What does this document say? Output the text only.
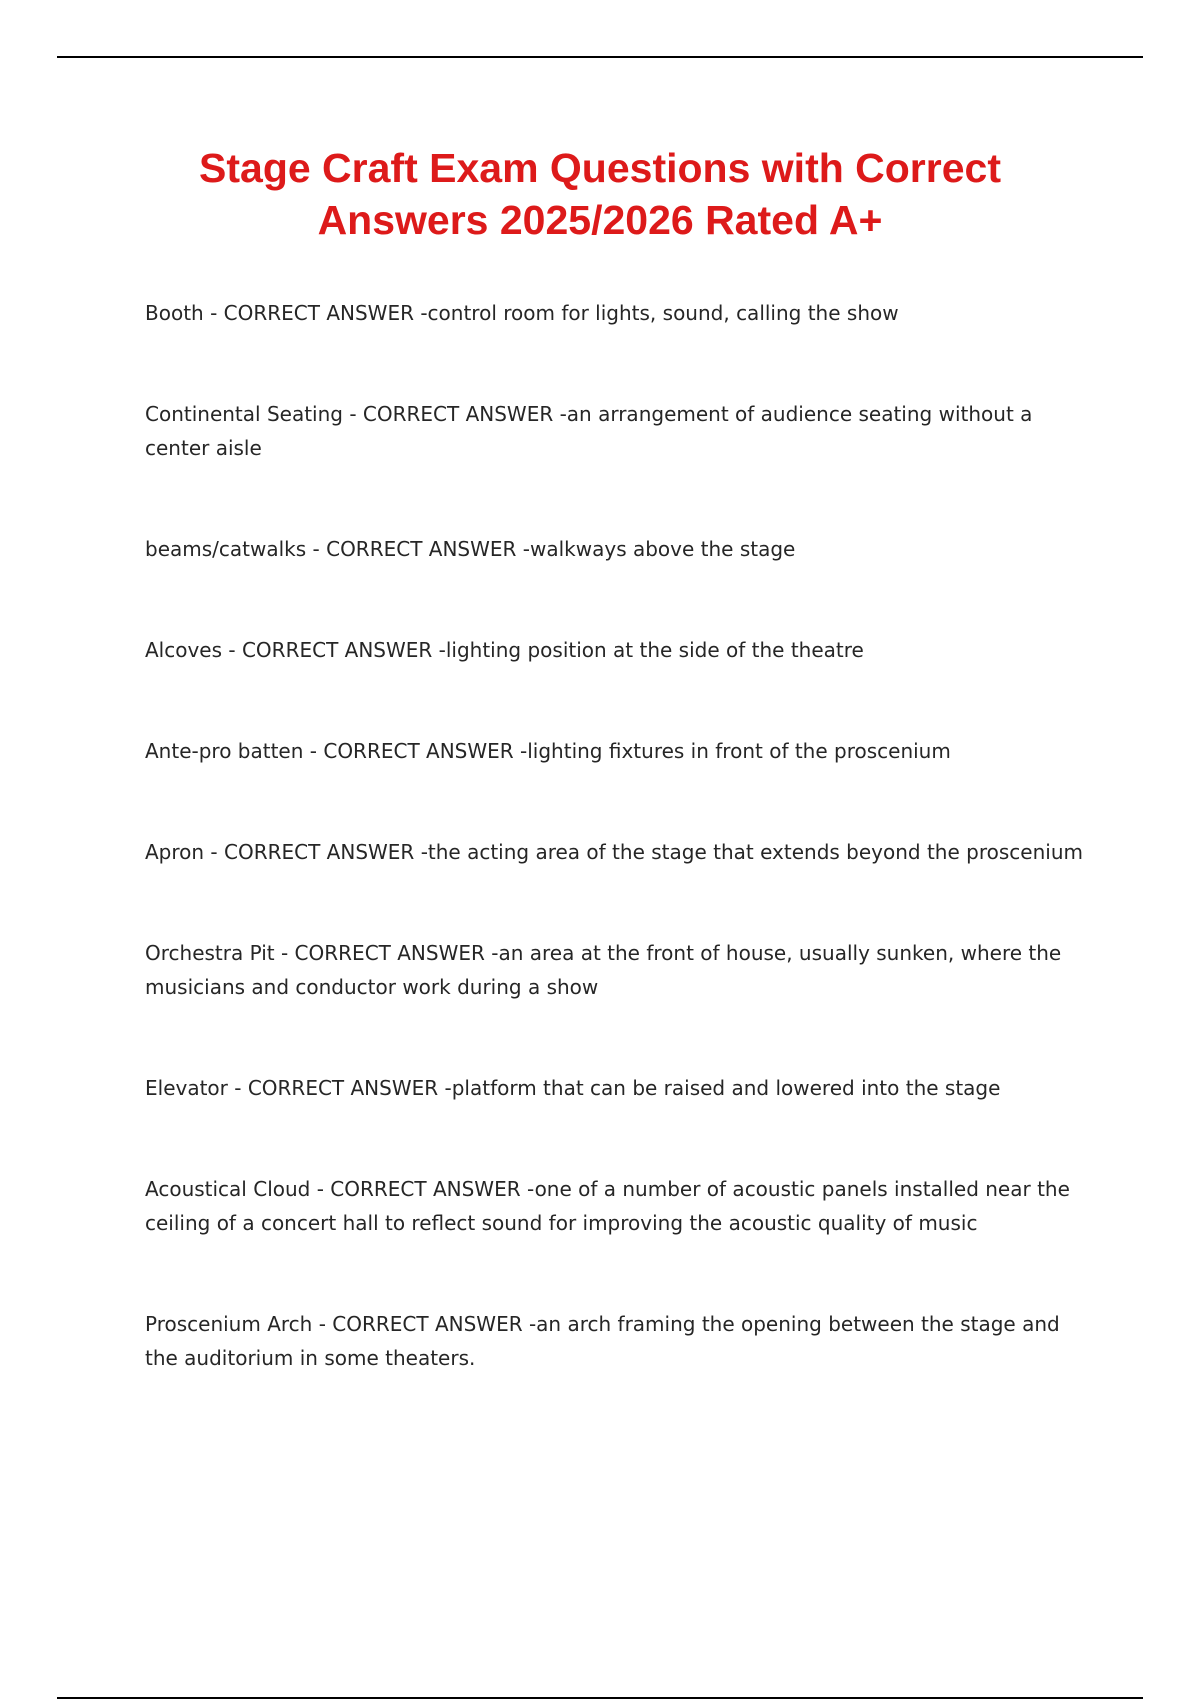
Stage Craft Exam Questions with Correct Answers 2025/2026 Rated A+
Booth - CORRECT ANSWER -control room for lights, sound, calling the show
Continental Seating - CORRECT ANSWER -an arrangement of audience seating without a center aisle
beams/catwalks - CORRECT ANSWER -walkways above the stage
Alcoves - CORRECT ANSWER -lighting position at the side of the theatre
Ante-pro batten - CORRECT ANSWER -lighting fixtures in front of the proscenium
Apron - CORRECT ANSWER -the acting area of the stage that extends beyond the proscenium
Orchestra Pit - CORRECT ANSWER -an area at the front of house, usually sunken, where the musicians and conductor work during a show
Elevator - CORRECT ANSWER -platform that can be raised and lowered into the stage
Acoustical Cloud - CORRECT ANSWER -one of a number of acoustic panels installed near the ceiling of a concert hall to reflect sound for improving the acoustic quality of music
Proscenium Arch - CORRECT ANSWER -an arch framing the opening between the stage and the auditorium in some theaters.
